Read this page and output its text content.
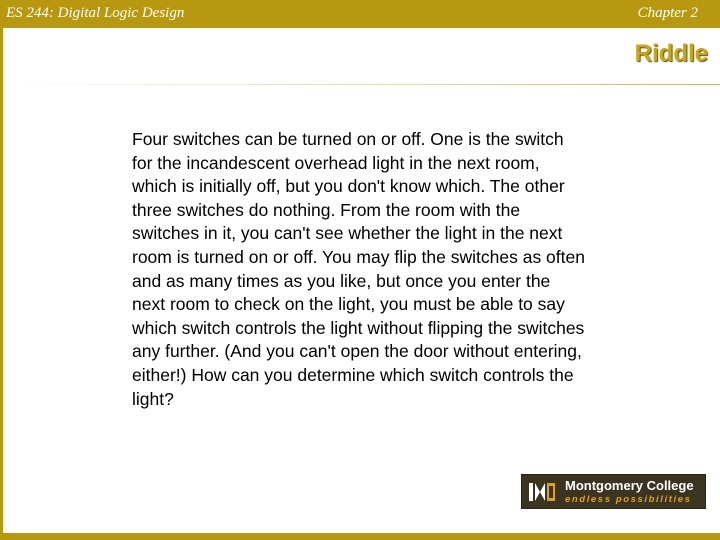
ES 244: Digital Logic Design	Chapter 2
Riddle

Four switches can be turned on or off. One is the switch for the incandescent overhead light in the next room, which is initially off, but you don't know which. The other three switches do nothing. From the room with the switches in it, you can't see whether the light in the next room is turned on or off. You may flip the switches as often and as many times as you like, but once you enter the next room to check on the light, you must be able to say which switch controls the light without flipping the switches any further. (And you can't open the door without entering, either!) How can you determine which switch controls the light?

Montgomery College
endless possibilities
